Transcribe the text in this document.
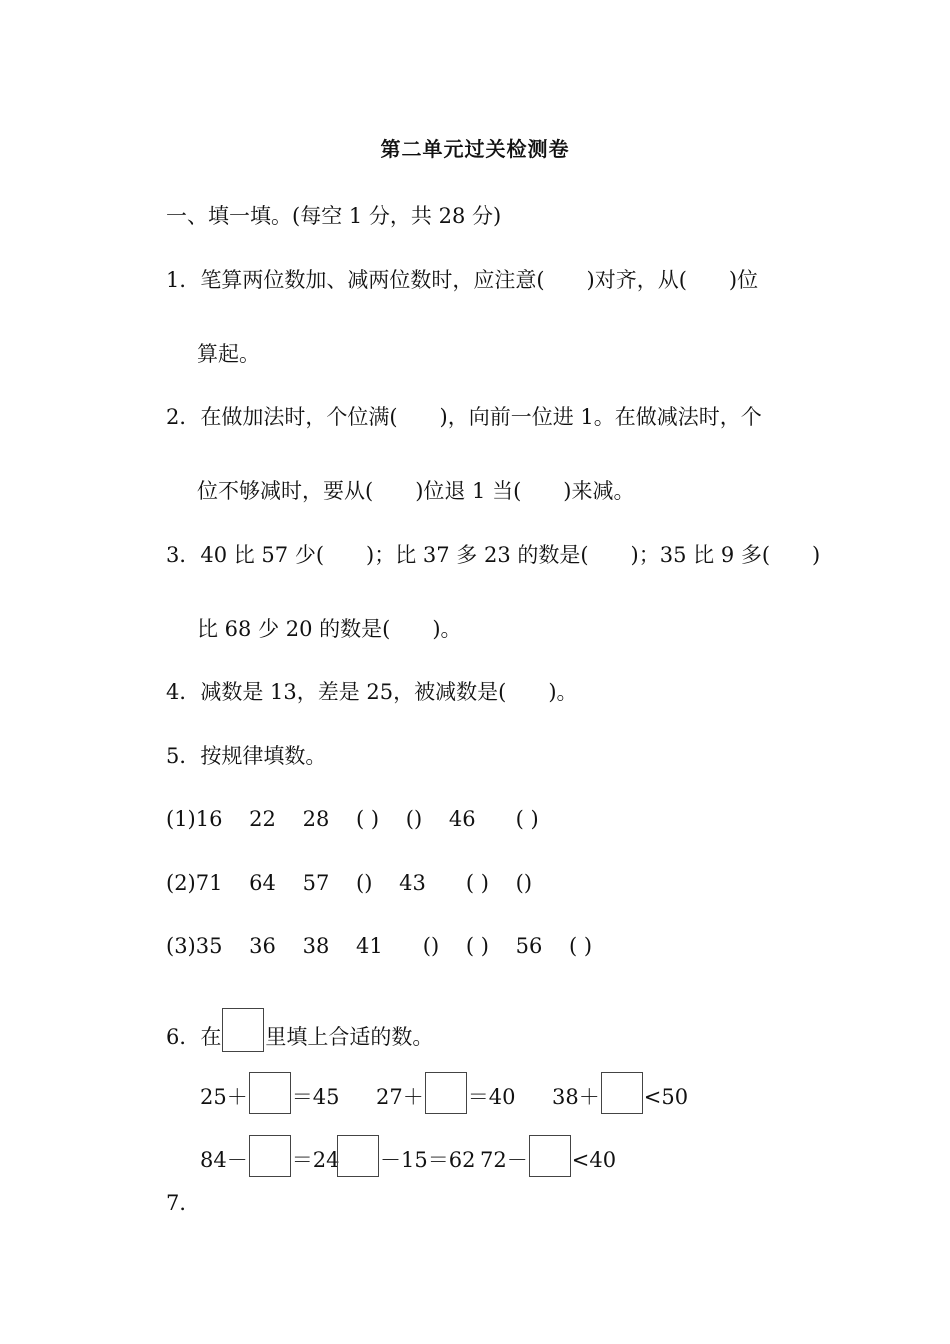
第二单元过关检测卷
一、填一填。(每空 1 分，共 28 分)
1．笔算两位数加、减两位数时，应注意(　　)对齐，从(　　)位
算起。
2．在做加法时，个位满(　　)，向前一位进 1。在做减法时，个
位不够减时，要从(　　)位退 1 当(　　)来减。
3．40 比 57 少(　　)；比 37 多 23 的数是(　　)；35 比 9 多(　　)
比 68 少 20 的数是(　　)。
4．减数是 13，差是 25，被减数是(　　)。
5．按规律填数。
(1)16    22    28    ( )    ()    46      ( )
(2)71    64    57    ()    43      ( )    ()
(3)35    36    38    41      ()    ( )    56    ( )
6．在 里填上合适的数。
25＋ ＝45 27＋ ＝40 38＋ <50
84－ ＝24	－15＝62 72－ <40
7．
